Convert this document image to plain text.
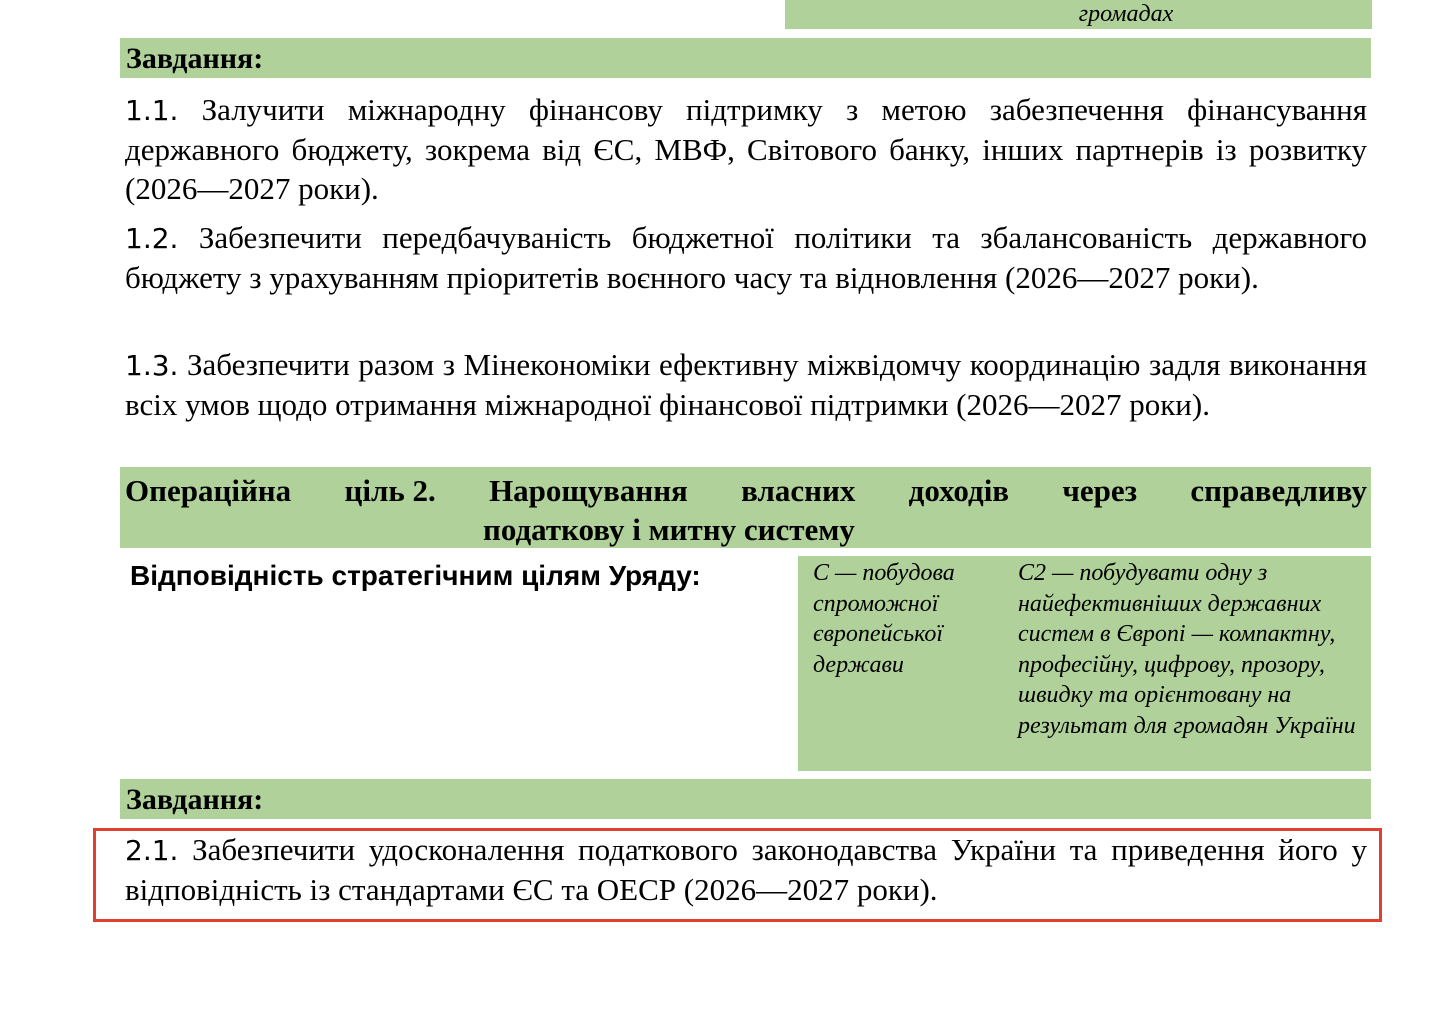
громадах
Завдання:
1.1. Залучити міжнародну фінансову підтримку з метою забезпечення фінансування державного бюджету, зокрема від ЄС, МВФ, Світового банку, інших партнерів із розвитку (2026—2027 роки).
1.2. Забезпечити передбачуваність бюджетної політики та збалансованість державного бюджету з урахуванням пріоритетів воєнного часу та відновлення (2026—2027 роки).
1.3. Забезпечити разом з Мінекономіки ефективну міжвідомчу координацію задля виконання всіх умов щодо отримання міжнародної фінансової підтримки (2026—2027 роки).
Операційна ціль 2. Нарощування власних доходів через справедливу
податкову і митну систему
Відповідність стратегічним цілям Уряду:	С — побудова спроможної європейської держави
С2 — побудувати одну з найефективніших державних систем в Європі — компактну, професійну, цифрову, прозору, швидку та орієнтовану на результат для громадян України
Завдання:
2.1. Забезпечити удосконалення податкового законодавства України та приведення його у відповідність із стандартами ЄС та ОЕСР (2026—2027 роки).
